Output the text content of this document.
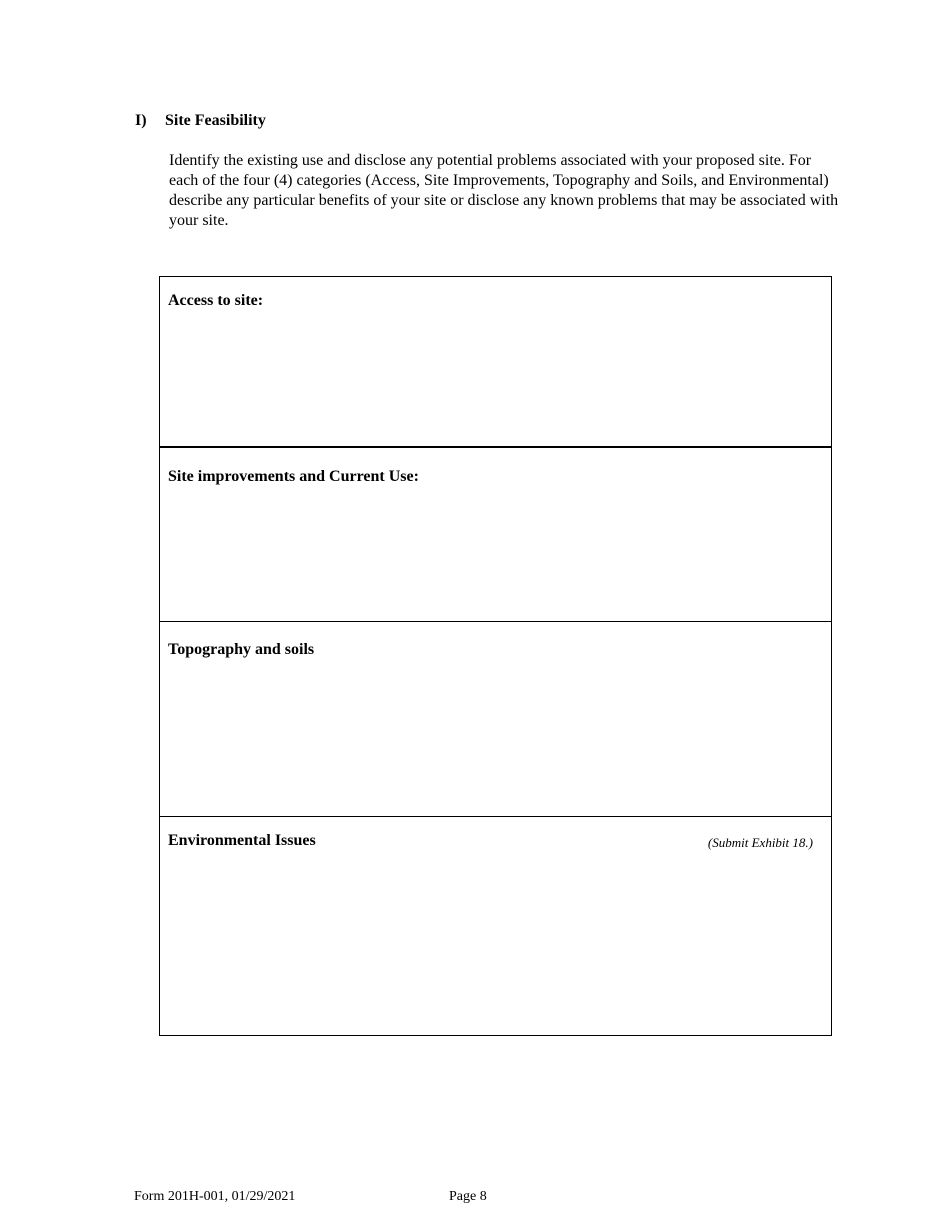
I) Site Feasibility

Identify the existing use and disclose any potential problems associated with your proposed site. For each of the four (4) categories (Access, Site Improvements, Topography and Soils, and Environmental) describe any particular benefits of your site or disclose any known problems that may be associated with your site.

Access to site:
Site improvements and Current Use:
Topography and soils
Environmental Issues	(Submit Exhibit 18.)
Form 201H-001, 01/29/2021	Page 8
